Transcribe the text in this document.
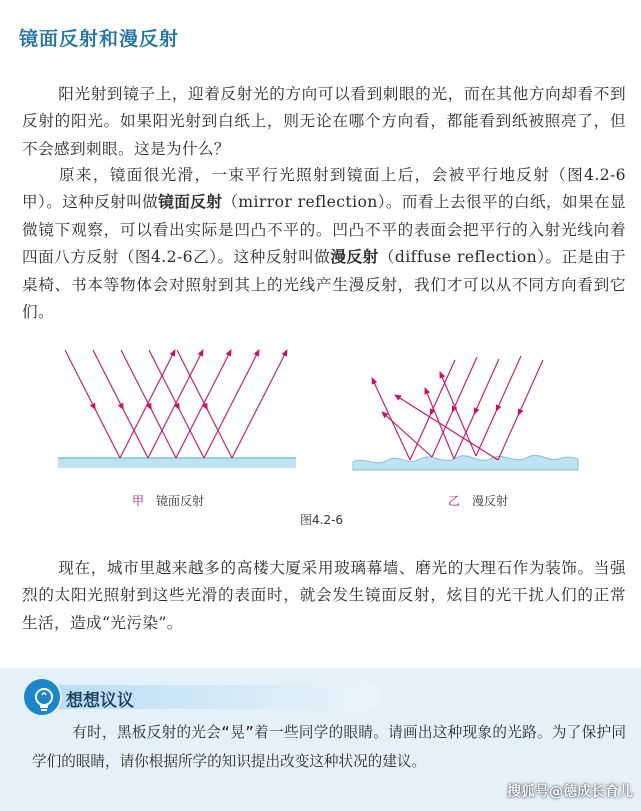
镜面反射和漫反射

阳光射到镜子上，迎着反射光的方向可以看到刺眼的光，而在其他方向却看不到反射的阳光。如果阳光射到白纸上，则无论在哪个方向看，都能看到纸被照亮了，但不会感到刺眼。这是为什么？

原来，镜面很光滑，一束平行光照射到镜面上后，会被平行地反射（图4.2-6甲）。这种反射叫做镜面反射（mirror reflection）。而看上去很平的白纸，如果在显微镜下观察，可以看出实际是凹凸不平的。凹凸不平的表面会把平行的入射光线向着四面八方反射（图4.2-6乙）。这种反射叫做漫反射（diffuse reflection）。正是由于桌椅、书本等物体会对照射到其上的光线产生漫反射，我们才可以从不同方向看到它们。

甲 镜面反射	乙 漫反射
图4.2-6

现在，城市里越来越多的高楼大厦采用玻璃幕墙、磨光的大理石作为装饰。当强烈的太阳光照射到这些光滑的表面时，就会发生镜面反射，炫目的光干扰人们的正常生活，造成“光污染”。

想想议议

有时，黑板反射的光会“晃”着一些同学的眼睛。请画出这种现象的光路。为了保护同学们的眼睛，请你根据所学的知识提出改变这种状况的建议。

搜狐号@德成长育儿
